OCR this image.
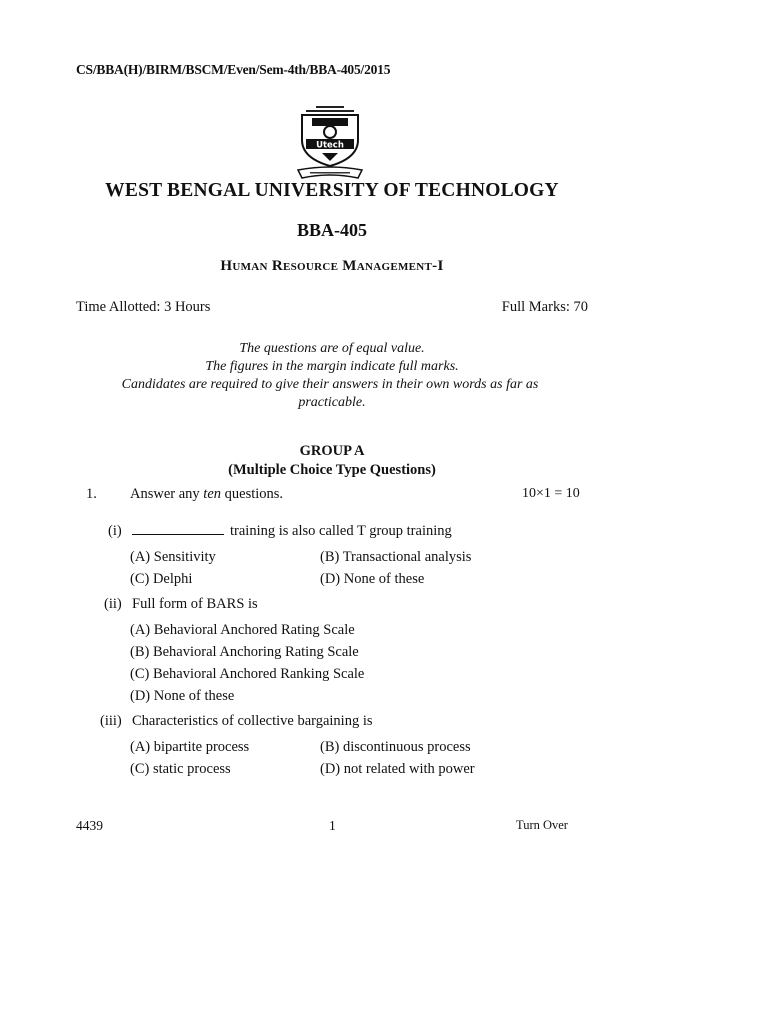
CS/BBA(H)/BIRM/BSCM/Even/Sem-4th/BBA-405/2015
Utech
WEST BENGAL UNIVERSITY OF TECHNOLOGY
BBA-405
Human Resource Management-I
Time Allotted: 3 Hours	Full Marks: 70
The questions are of equal value.
The figures in the margin indicate full marks.
Candidates are required to give their answers in their own words as far as
practicable.
GROUP A
(Multiple Choice Type Questions)
1. Answer any ten questions.	10×1 = 10
(i)	training is also called T group training
(A) Sensitivity	(B) Transactional analysis
(C) Delphi	(D) None of these
(ii) Full form of BARS is
(A) Behavioral Anchored Rating Scale
(B) Behavioral Anchoring Rating Scale
(C) Behavioral Anchored Ranking Scale
(D) None of these
(iii) Characteristics of collective bargaining is
(A) bipartite process	(B) discontinuous process
(C) static process	(D) not related with power
4439	1	Turn Over
